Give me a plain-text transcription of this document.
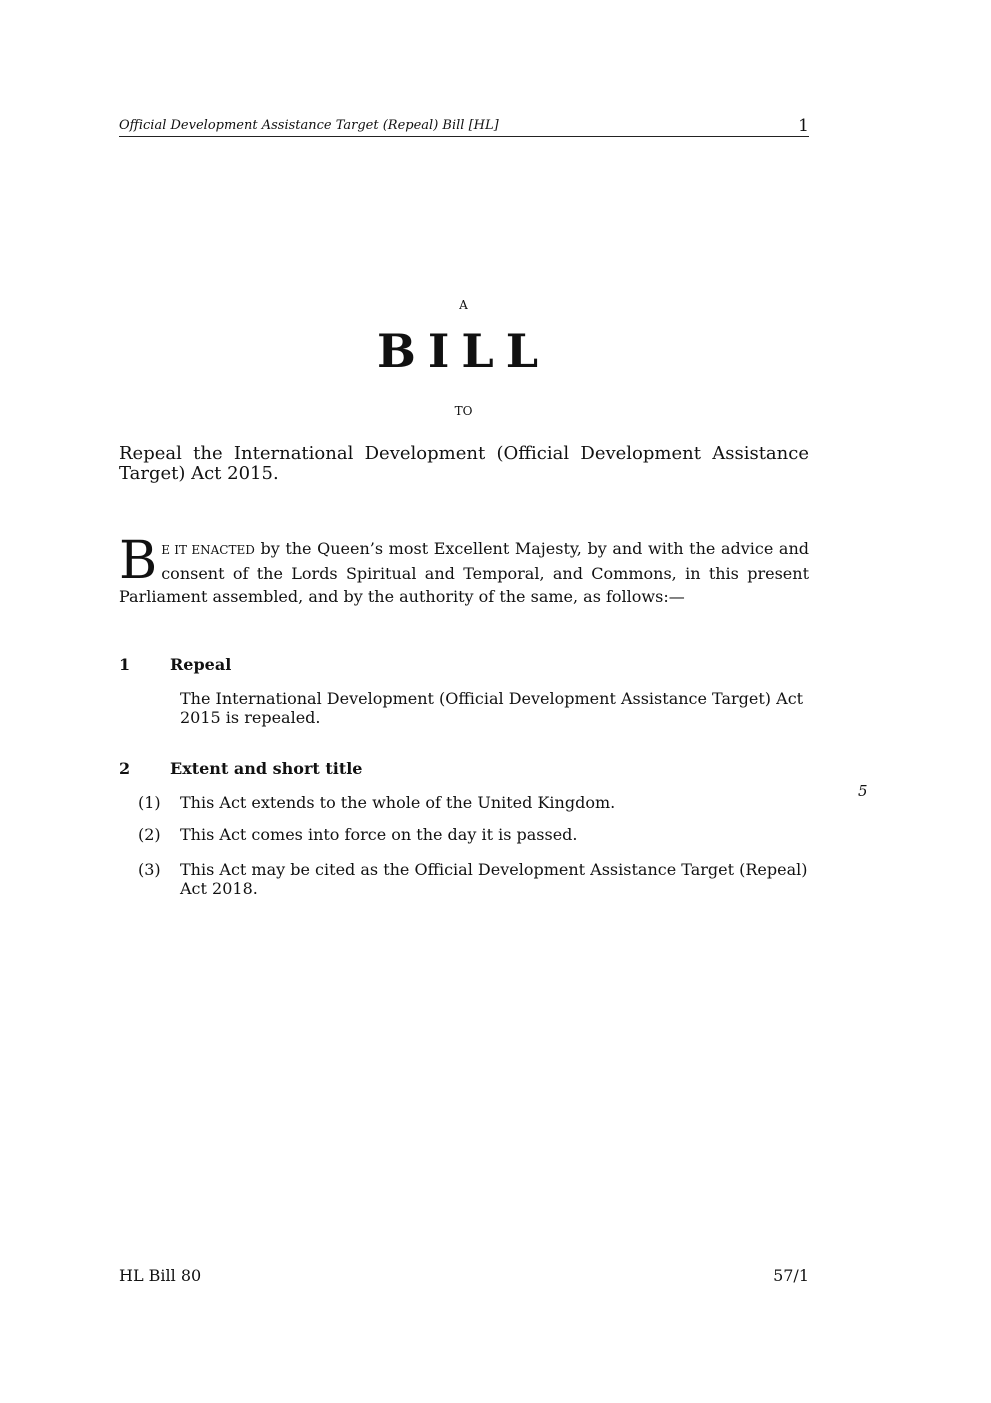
Official Development Assistance Target (Repeal) Bill [HL]	1
A
BILL
TO
Repeal the International Development (Official Development Assistance Target) Act 2015.
B E IT ENACTED by the Queen’s most Excellent Majesty, by and with the advice and consent of the Lords Spiritual and Temporal, and Commons, in this present Parliament assembled, and by the authority of the same, as follows:—
1 Repeal
The International Development (Official Development Assistance Target) Act 2015 is repealed.
2 Extent and short title
(1) This Act extends to the whole of the United Kingdom.
(2) This Act comes into force on the day it is passed.
(3) This Act may be cited as the Official Development Assistance Target (Repeal) Act 2018.
5
HL Bill 80	57/1
